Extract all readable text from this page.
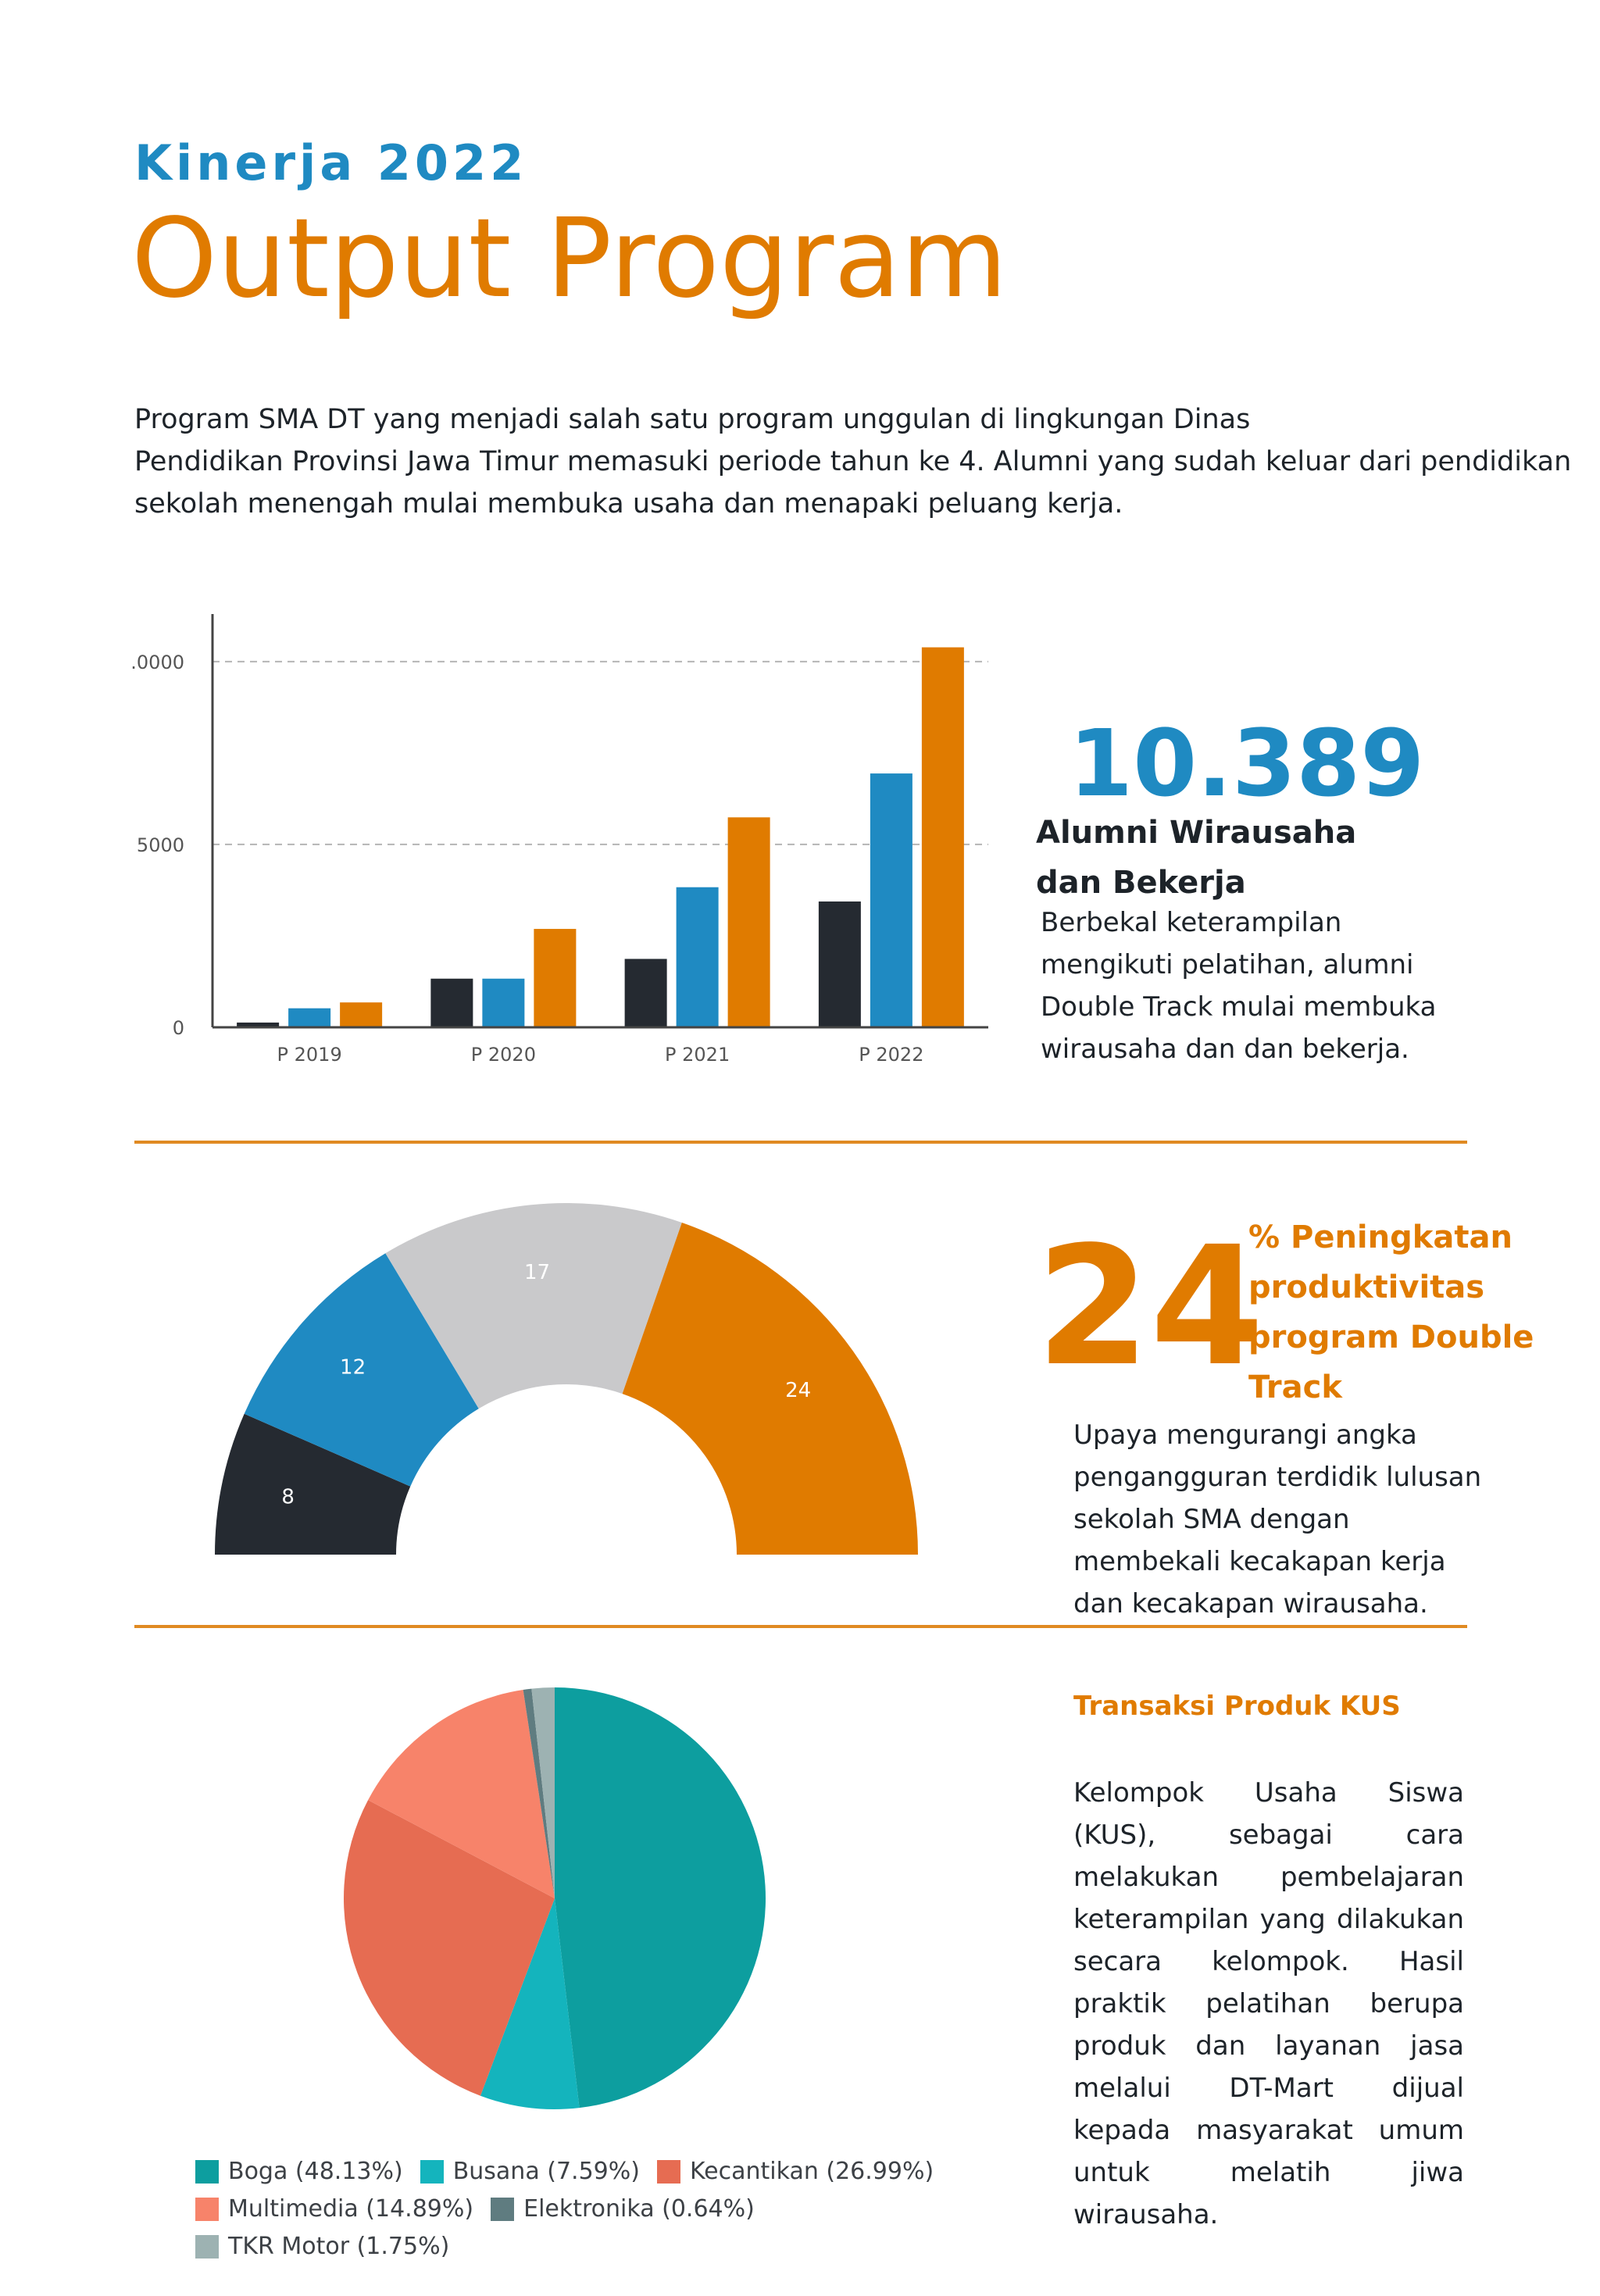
Kinerja 2022
Output Program
Program SMA DT yang menjadi salah satu program unggulan di lingkungan Dinas
Pendidikan Provinsi Jawa Timur memasuki periode tahun ke 4. Alumni yang sudah keluar dari pendidikan
sekolah menengah mulai membuka usaha dan menapaki peluang kerja.
0
5000
.0000
P 2019	P 2020	P 2021	P 2022
10.389
Alumni Wirausaha dan Bekerja
Berbekal keterampilan mengikuti pelatihan, alumni Double Track mulai membuka wirausaha dan dan bekerja.
8
12
17
24 24
% Peningkatan produktivitas program Double Track
Upaya mengurangi angka pengangguran terdidik lulusan sekolah SMA dengan membekali kecakapan kerja dan kecakapan wirausaha.
Boga (48.13%) Busana (7.59%) Kecantikan (26.99%)
Multimedia (14.89%) Elektronika (0.64%)
TKR Motor (1.75%)
Transaksi Produk KUS
Kelompok Usaha Siswa (KUS), sebagai cara melakukan pembelajaran keterampilan yang dilakukan secara kelompok. Hasil praktik pelatihan berupa produk dan layanan jasa melalui DT-Mart dijual kepada masyarakat umum untuk melatih jiwa wirausaha.
